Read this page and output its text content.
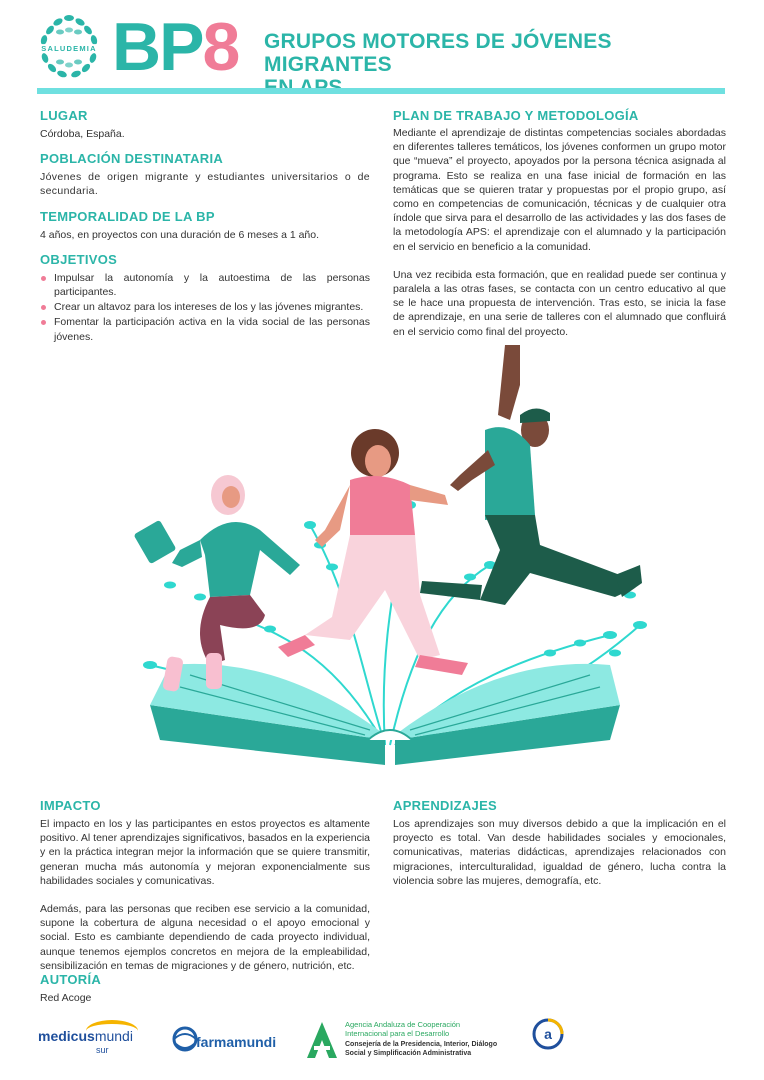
SALUDEMIA BP8 GRUPOS MOTORES DE JÓVENES MIGRANTES
LUGAR

Córdoba, España.

POBLACIÓN DESTINATARIA

Jóvenes de origen migrante y estudiantes universitarios o de secundaria.

TEMPORALIDAD DE LA BP

4 años, en proyectos con una duración de 6 meses a 1 año.

OBJETIVOS
Impulsar la autonomía y la autoestima de las personas participantes.
Crear un altavoz para los intereses de los y las jóvenes migrantes.
Fomentar la participación activa en la vida social de las personas jóvenes.
PLAN DE TRABAJO Y METODOLOGÍA

Mediante el aprendizaje de distintas competencias sociales abordadas en diferentes talleres temáticos, los jóvenes conformen un grupo motor que “mueva” el proyecto, apoyados por la persona técnica asignada al programa. Esto se realiza en una fase inicial de formación en las temáticas que se quieren tratar y propuestas por el propio grupo, así como en competencias de comunicación, técnicas y de cualquier otra índole que sirva para el desarrollo de las actividades y las dos fases de la metodología APS: el aprendizaje con el alumnado y la participación en el servicio en beneficio a la comunidad.

Una vez recibida esta formación, que en realidad puede ser continua y paralela a las otras fases, se contacta con un centro educativo al que se le hace una propuesta de intervención. Tras esto, se inicia la fase de aprendizaje, en una serie de talleres con el alumnado que confluirá en el servicio como final del proyecto.

IMPACTO

El impacto en los y las participantes en estos proyectos es altamente positivo. Al tener aprendizajes significativos, basados en la experiencia y en la práctica integran mejor la información que se quiere transmitir, generan mucha más autonomía y mejoran exponencialmente sus habilidades sociales y comunicativas.

Además, para las personas que reciben ese servicio a la comunidad, supone la cobertura de alguna necesidad o el apoyo emocional y social. Esto es cambiante dependiendo de cada proyecto individual, aunque tenemos ejemplos concretos en mejora de la empleabilidad, sensibilización en temas de migraciones y de género, nutrición, etc.

APRENDIZAJES

Los aprendizajes son muy diversos debido a que la implicación en el proyecto es total. Van desde habilidades sociales y emocionales, comunicativas, materias didácticas, aprendizajes relacionados con migraciones, interculturalidad, igualdad de género, lucha contra la violencia sobre las mujeres, demografía, etc.

AUTORÍA

Red Acoge

medicusmundi
sur	farmamundi
Agencia Andaluza de Cooperación Internacional para el Desarrollo
Consejería de la Presidencia, Interior, Diálogo Social y Simplificación Administrativa
a
